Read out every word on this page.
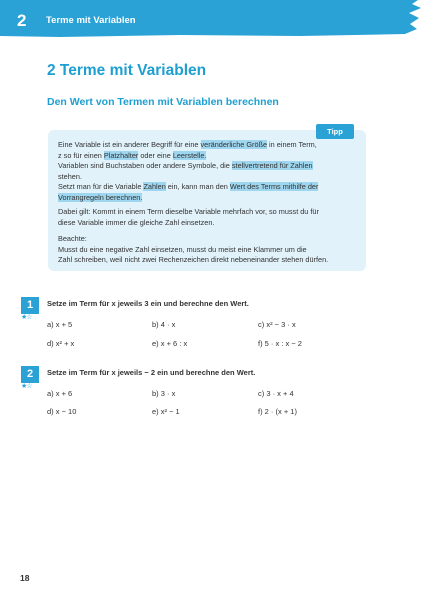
2 Terme mit Variablen
2 Terme mit Variablen
Den Wert von Termen mit Variablen berechnen
Tipp
Eine Variable ist ein anderer Begriff für eine veränderliche Größe in einem Term,
z so für einen Platzhalter oder eine Leerstelle.
Variablen sind Buchstaben oder andere Symbole, die stellvertretend für Zahlen
stehen.
Setzt man für die Variable Zahlen ein, kann man den Wert des Terms mithilfe der
Vorrangregeln berechnen.
Dabei gilt: Kommt in einem Term dieselbe Variable mehrfach vor, so musst du für
diese Variable immer die gleiche Zahl einsetzen.
Beachte:
Musst du eine negative Zahl einsetzen, musst du meist eine Klammer um die
Zahl schreiben, weil nicht zwei Rechenzeichen direkt nebeneinander stehen dürfen.
1
★☆
Setze im Term für x jeweils 3 ein und berechne den Wert.
a) x + 5	b) 4 · x	c) x² − 3 · x
d) x² + x	e) x + 6 : x	f) 5 · x : x − 2
2
★☆
Setze im Term für x jeweils − 2 ein und berechne den Wert.
a) x + 6	b) 3 · x	c) 3 · x + 4
d) x − 10	e) x² − 1	f) 2 · (x + 1)
18
